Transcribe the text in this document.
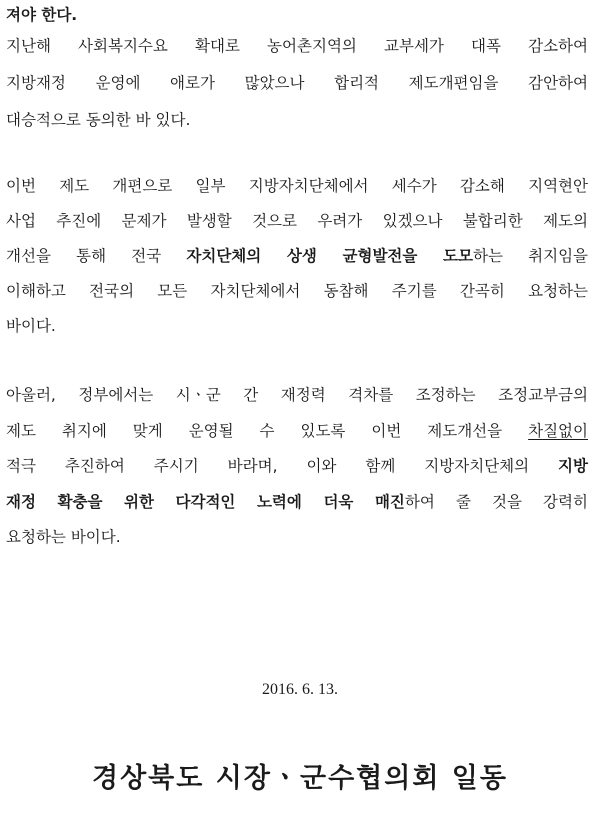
져야 한다.
지난해 사회복지수요 확대로 농어촌지역의 교부세가 대폭 감소하여
지방재정 운영에 애로가 많았으나 합리적 제도개편임을 감안하여
대승적으로 동의한 바 있다.
이번 제도 개편으로 일부 지방자치단체에서 세수가 감소해 지역현안
사업 추진에 문제가 발생할 것으로 우려가 있겠으나 불합리한 제도의
개선을 통해 전국 자치단체의 상생 균형발전을 도모하는 취지임을
이해하고 전국의 모든 자치단체에서 동참해 주기를 간곡히 요청하는
바이다.
아울러, 정부에서는 시ㆍ군 간 재정력 격차를 조정하는 조정교부금의
제도 취지에 맞게 운영될 수 있도록 이번 제도개선을 차질없이
적극 추진하여 주시기 바라며, 이와 함께 지방자치단체의 지방
재정 확충을 위한 다각적인 노력에 더욱 매진하여 줄 것을 강력히
요청하는 바이다.
2016. 6. 13.
경상북도 시장ㆍ군수협의회 일동
